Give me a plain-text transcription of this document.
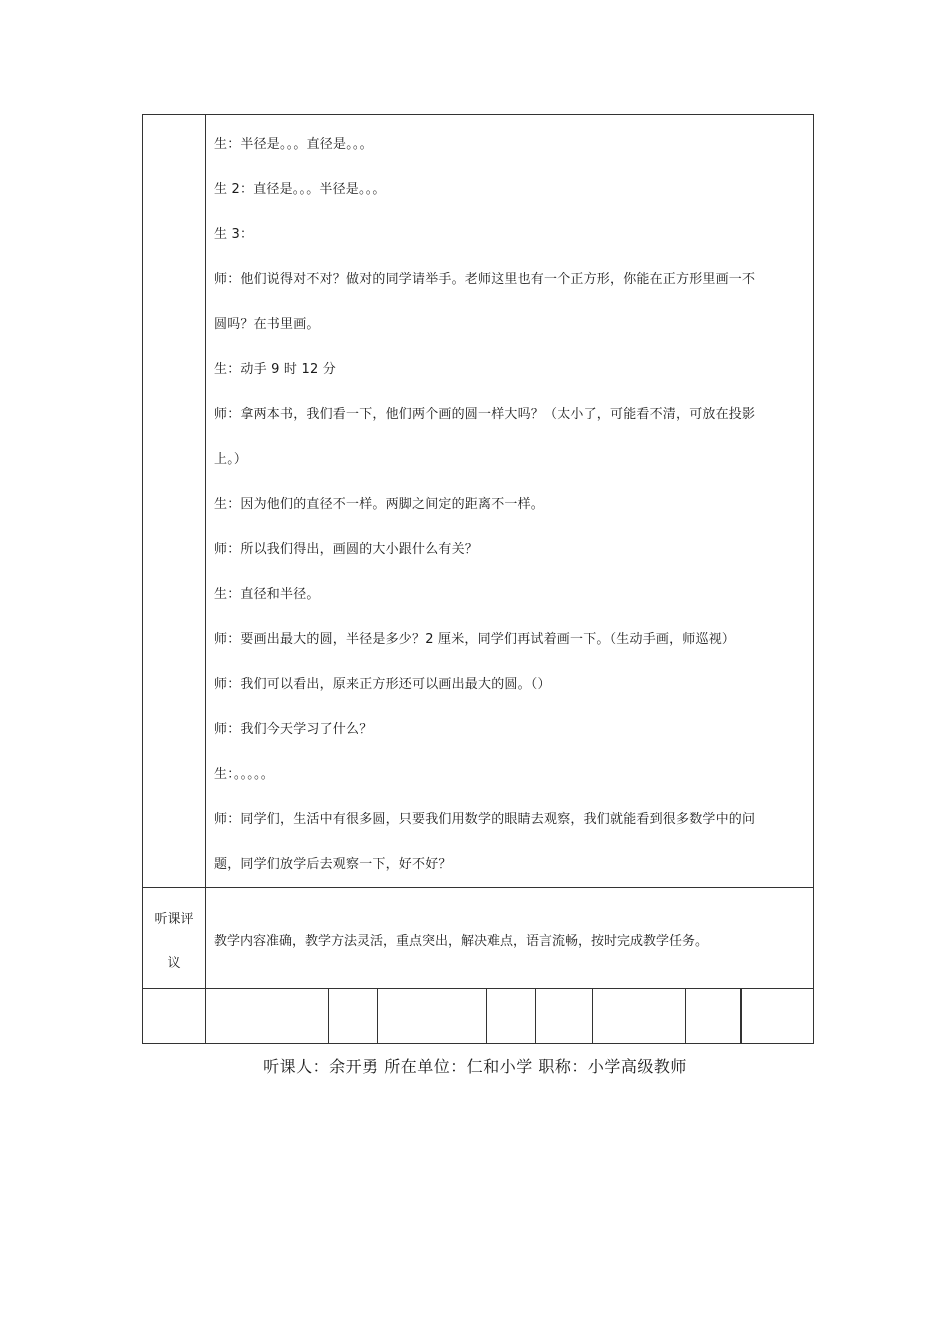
生：半径是。。。直径是。。。
生 2：直径是。。。半径是。。。
生 3：
师：他们说得对不对？做对的同学请举手。老师这里也有一个正方形，你能在正方形里画一不
圆吗？在书里画。
生：动手 9 时 12 分
师：拿两本书，我们看一下，他们两个画的圆一样大吗？（太小了，可能看不清，可放在投影
上。）
生：因为他们的直径不一样。两脚之间定的距离不一样。
师：所以我们得出，画圆的大小跟什么有关？
生：直径和半径。
师：要画出最大的圆，半径是多少？2 厘米，同学们再试着画一下。（生动手画，师巡视）
师：我们可以看出，原来正方形还可以画出最大的圆。（）
师：我们今天学习了什么？
生：。。。。。
师：同学们，生活中有很多圆，只要我们用数学的眼睛去观察，我们就能看到很多数学中的问
题，同学们放学后去观察一下，好不好？
听课评
议
教学内容准确，教学方法灵活，重点突出，解决难点，语言流畅，按时完成教学任务。
听课人：余开勇 所在单位：仁和小学 职称：小学高级教师
